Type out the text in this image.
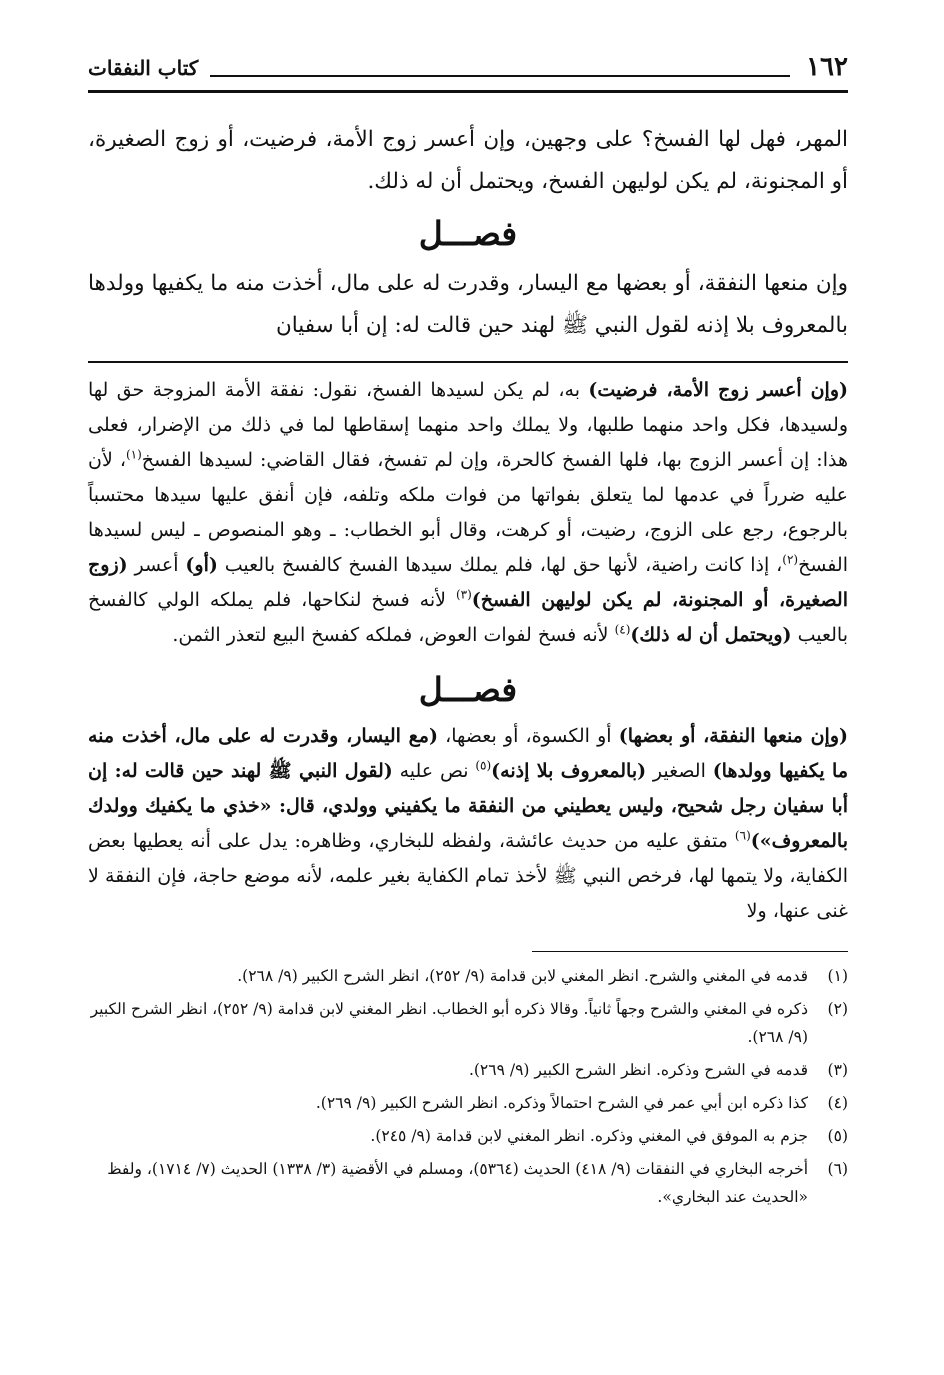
١٦٢
كتاب النفقات

المهر، فهل لها الفسخ؟ على وجهين، وإن أعسر زوج الأمة، فرضيت، أو زوج الصغيرة، أو المجنونة، لم يكن لوليهن الفسخ، ويحتمل أن له ذلك.

فصـــل

وإن منعها النفقة، أو بعضها مع اليسار، وقدرت له على مال، أخذت منه ما يكفيها وولدها بالمعروف بلا إذنه لقول النبي ﷺ لهند حين قالت له: إن أبا سفيان

(وإن أعسر زوج الأمة، فرضيت) به، لم يكن لسيدها الفسخ، نقول: نفقة الأمة المزوجة حق لها ولسيدها، فكل واحد منهما طلبها، ولا يملك واحد منهما إسقاطها لما في ذلك من الإضرار، فعلى هذا: إن أعسر الزوج بها، فلها الفسخ كالحرة، وإن لم تفسخ، فقال القاضي: لسيدها الفسخ$^{(١)}$، لأن عليه ضرراً في عدمها لما يتعلق بفواتها من فوات ملكه وتلفه، فإن أنفق عليها سيدها محتسباً بالرجوع، رجع على الزوج، رضيت، أو كرهت، وقال أبو الخطاب: ـ وهو المنصوص ـ ليس لسيدها الفسخ$^{(٢)}$، إذا كانت راضية، لأنها حق لها، فلم يملك سيدها الفسخ كالفسخ بالعيب (أو) أعسر (زوج الصغيرة، أو المجنونة، لم يكن لوليهن الفسخ)$^{(٣)}$ لأنه فسخ لنكاحها، فلم يملكه الولي كالفسخ بالعيب (ويحتمل أن له ذلك)$^{(٤)}$ لأنه فسخ لفوات العوض، فملكه كفسخ البيع لتعذر الثمن.

فصـــل

(وإن منعها النفقة، أو بعضها) أو الكسوة، أو بعضها، (مع اليسار، وقدرت له على مال، أخذت منه ما يكفيها وولدها) الصغير (بالمعروف بلا إذنه)$^{(٥)}$ نص عليه (لقول النبي ﷺ لهند حين قالت له: إن أبا سفيان رجل شحيح، وليس يعطيني من النفقة ما يكفيني وولدي، قال: «خذي ما يكفيك وولدك بالمعروف»)$^{(٦)}$ متفق عليه من حديث عائشة، ولفظه للبخاري، وظاهره: يدل على أنه يعطيها بعض الكفاية، ولا يتمها لها، فرخص النبي ﷺ لأخذ تمام الكفاية بغير علمه، لأنه موضع حاجة، فإن النفقة لا غنى عنها، ولا

(١)
قدمه في المغني والشرح. انظر المغني لابن قدامة (٩/ ٢٥٢)، انظر الشرح الكبير (٩/ ٢٦٨).
(٢)
ذكره في المغني والشرح وجهاً ثانياً. وقالا ذكره أبو الخطاب. انظر المغني لابن قدامة (٩/ ٢٥٢)، انظر الشرح الكبير (٩/ ٢٦٨).
(٣)
قدمه في الشرح وذكره. انظر الشرح الكبير (٩/ ٢٦٩).
(٤)
كذا ذكره ابن أبي عمر في الشرح احتمالاً وذكره. انظر الشرح الكبير (٩/ ٢٦٩).
(٥)
جزم به الموفق في المغني وذكره. انظر المغني لابن قدامة (٩/ ٢٤٥).
(٦)
أخرجه البخاري في النفقات (٩/ ٤١٨) الحديث (٥٣٦٤)، ومسلم في الأقضية (٣/ ١٣٣٨) الحديث (٧/ ١٧١٤)، ولفظ «الحديث عند البخاري».
